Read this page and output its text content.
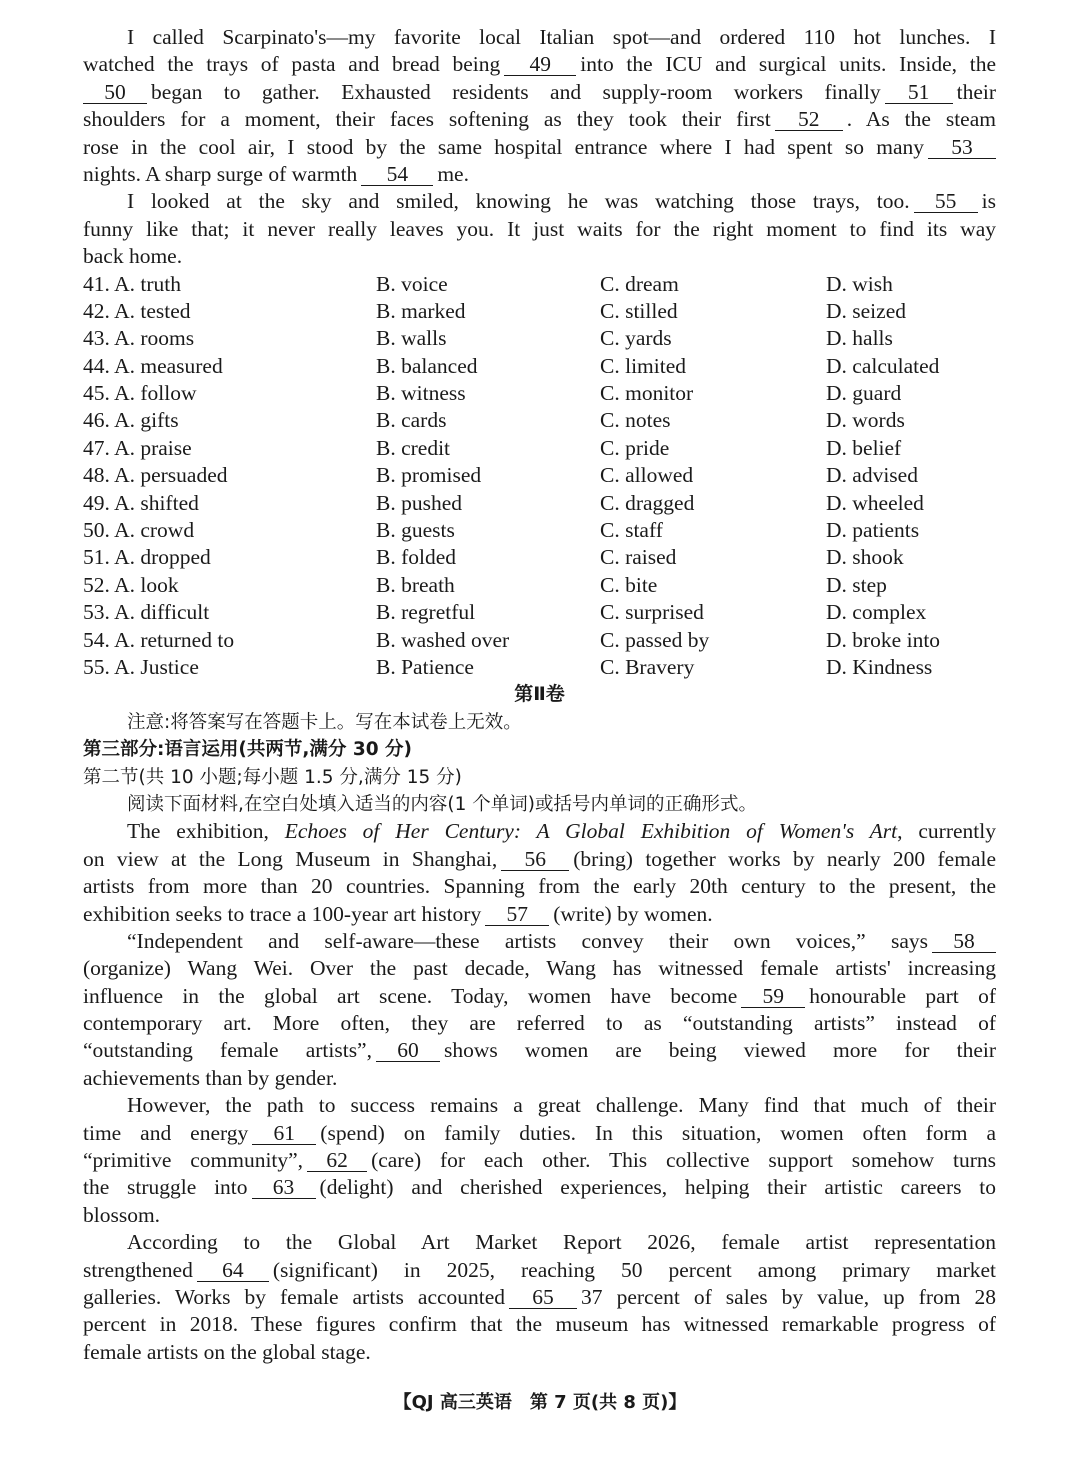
I called Scarpinato's—my favorite local Italian spot—and ordered 110 hot lunches. I
watched the trays of pasta and bread being 49 into the ICU and surgical units. Inside, the
50 began to gather. Exhausted residents and supply-room workers finally 51 their
shoulders for a moment, their faces softening as they took their first 52 . As the steam
rose in the cool air, I stood by the same hospital entrance where I had spent so many 53
nights. A sharp surge of warmth 54 me.
I looked at the sky and smiled, knowing he was watching those trays, too. 55 is
funny like that; it never really leaves you. It just waits for the right moment to find its way
back home.
41. A. truth	B. voice	C. dream	D. wish
42. A. tested	B. marked	C. stilled	D. seized
43. A. rooms	B. walls	C. yards	D. halls
44. A. measured	B. balanced	C. limited	D. calculated
45. A. follow	B. witness	C. monitor	D. guard
46. A. gifts	B. cards	C. notes	D. words
47. A. praise	B. credit	C. pride	D. belief
48. A. persuaded	B. promised	C. allowed	D. advised
49. A. shifted	B. pushed	C. dragged	D. wheeled
50. A. crowd	B. guests	C. staff	D. patients
51. A. dropped	B. folded	C. raised	D. shook
52. A. look	B. breath	C. bite	D. step
53. A. difficult	B. regretful	C. surprised	D. complex
54. A. returned to	B. washed over	C. passed by	D. broke into
55. A. Justice	B. Patience	C. Bravery	D. Kindness
第Ⅱ卷
注意:将答案写在答题卡上。写在本试卷上无效。
第三部分:语言运用(共两节,满分 30 分)
第二节(共 10 小题;每小题 1.5 分,满分 15 分)
阅读下面材料,在空白处填入适当的内容(1 个单词)或括号内单词的正确形式。
The exhibition, Echoes of Her Century: A Global Exhibition of Women's Art, currently
on view at the Long Museum in Shanghai, 56 (bring) together works by nearly 200 female
artists from more than 20 countries. Spanning from the early 20th century to the present, the
exhibition seeks to trace a 100-year art history 57 (write) by women.
“Independent and self-aware—these artists convey their own voices,” says 58
(organize) Wang Wei. Over the past decade, Wang has witnessed female artists' increasing
influence in the global art scene. Today, women have become 59 honourable part of
contemporary art. More often, they are referred to as “outstanding artists” instead of
“outstanding female artists”, 60 shows women are being viewed more for their
achievements than by gender.
However, the path to success remains a great challenge. Many find that much of their
time and energy 61 (spend) on family duties. In this situation, women often form a
“primitive community”, 62 (care) for each other. This collective support somehow turns
the struggle into 63 (delight) and cherished experiences, helping their artistic careers to
blossom.
According to the Global Art Market Report 2026, female artist representation
strengthened 64 (significant) in 2025, reaching 50 percent among primary market
galleries. Works by female artists accounted 65 37 percent of sales by value, up from 28
percent in 2018. These figures confirm that the museum has witnessed remarkable progress of
female artists on the global stage.
【QJ 高三英语　第 7 页(共 8 页)】
